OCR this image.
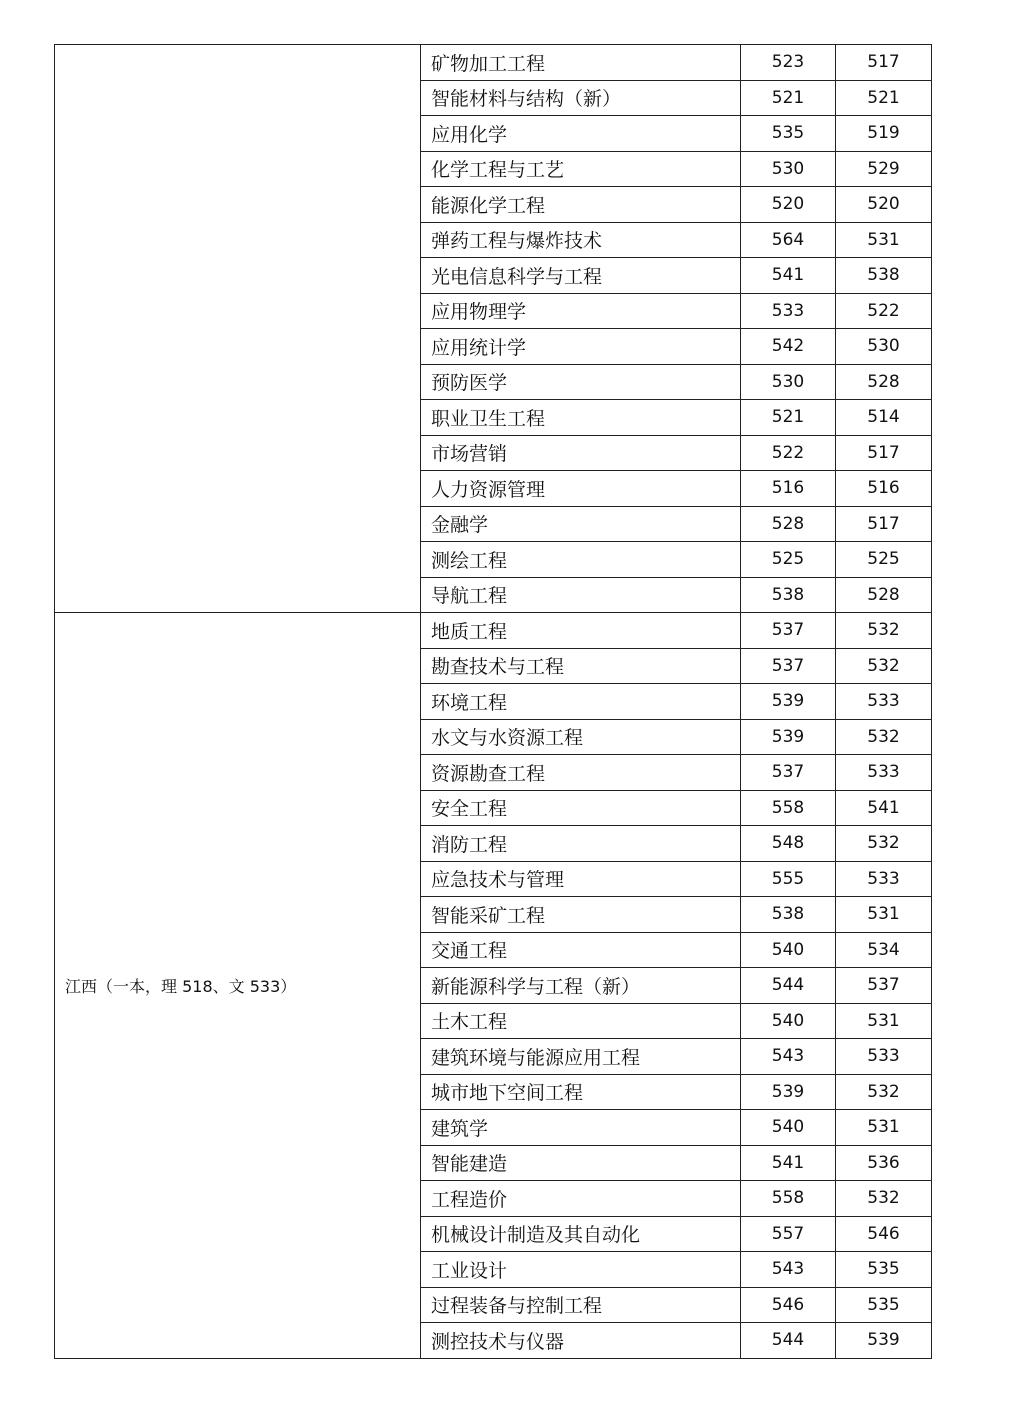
	矿物加工工程	523	517
	智能材料与结构（新）	521	521
	应用化学	535	519
	化学工程与工艺	530	529
	能源化学工程	520	520
	弹药工程与爆炸技术	564	531
	光电信息科学与工程	541	538
	应用物理学	533	522
	应用统计学	542	530
	预防医学	530	528
	职业卫生工程	521	514
	市场营销	522	517
	人力资源管理	516	516
	金融学	528	517
	测绘工程	525	525
	导航工程	538	528
江西（一本，理 518、文 533）	地质工程	537	532
	勘查技术与工程	537	532
	环境工程	539	533
	水文与水资源工程	539	532
	资源勘查工程	537	533
	安全工程	558	541
	消防工程	548	532
	应急技术与管理	555	533
	智能采矿工程	538	531
	交通工程	540	534
	新能源科学与工程（新）	544	537
	土木工程	540	531
	建筑环境与能源应用工程	543	533
	城市地下空间工程	539	532
	建筑学	540	531
	智能建造	541	536
	工程造价	558	532
	机械设计制造及其自动化	557	546
	工业设计	543	535
	过程装备与控制工程	546	535
	测控技术与仪器	544	539
